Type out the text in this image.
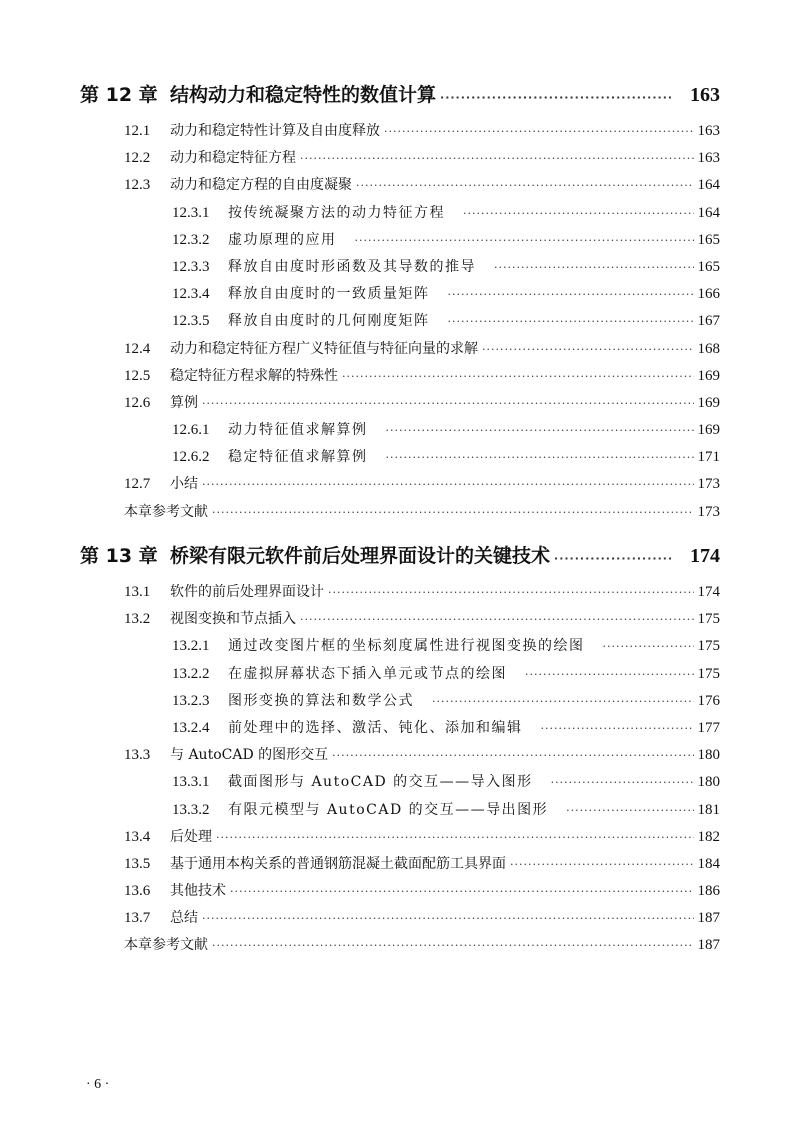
第 12 章 结构动力和稳定特性的数值计算 ·····	163
12.1	动力和稳定特性计算及自由度释放 ·····	163
12.2	动力和稳定特征方程 ·····	163
12.3	动力和稳定方程的自由度凝聚 ·····	164
12.3.1	按传统凝聚方法的动力特征方程 ·····	164
12.3.2	虚功原理的应用 ·····	165
12.3.3	释放自由度时形函数及其导数的推导 ·····	165
12.3.4	释放自由度时的一致质量矩阵 ·····	166
12.3.5	释放自由度时的几何刚度矩阵 ·····	167
12.4	动力和稳定特征方程广义特征值与特征向量的求解 ·····	168
12.5	稳定特征方程求解的特殊性 ·····	169
12.6	算例 ·····	169
12.6.1	动力特征值求解算例 ·····	169
12.6.2	稳定特征值求解算例 ·····	171
12.7	小结 ·····	173
本章参考文献 ·····	173
第 13 章 桥梁有限元软件前后处理界面设计的关键技术 ·····	174
13.1	软件的前后处理界面设计 ·····	174
13.2	视图变换和节点插入 ·····	175
13.2.1	通过改变图片框的坐标刻度属性进行视图变换的绘图 ·····	175
13.2.2	在虚拟屏幕状态下插入单元或节点的绘图 ·····	175
13.2.3	图形变换的算法和数学公式 ·····	176
13.2.4	前处理中的选择、激活、钝化、添加和编辑 ·····	177
13.3	与 AutoCAD 的图形交互 ·····	180
13.3.1	截面图形与 AutoCAD 的交互——导入图形 ·····	180
13.3.2	有限元模型与 AutoCAD 的交互——导出图形 ·····	181
13.4	后处理 ·····	182
13.5	基于通用本构关系的普通钢筋混凝土截面配筋工具界面 ·····	184
13.6	其他技术 ·····	186
13.7	总结 ·····	187
本章参考文献 ·····	187
· 6 ·
